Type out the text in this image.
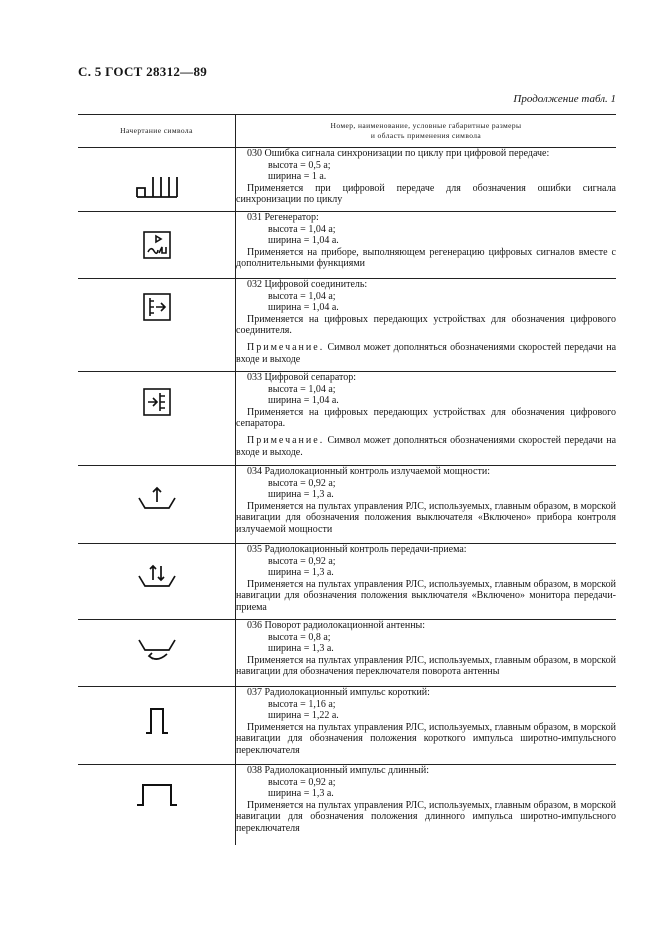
С. 5 ГОСТ 28312—89
Продолжение табл. 1
Начертание символа	Номер, наименование, условные габаритные размеры
и область применения символа

030 Ошибка сигнала синхронизации по циклу при цифровой передаче:
высота = 0,5 а;
ширина = 1 а.
Применяется при цифровой передаче для обозначения ошибки сигнала синхронизации по циклу

031 Регенератор:
высота = 1,04 а;
ширина = 1,04 а.
Применяется на приборе, выполняющем регенерацию цифровых сигналов вместе с дополнительными функциями

032 Цифровой соединитель:
высота = 1,04 а;
ширина = 1,04 а.
Применяется на цифровых передающих устройствах для обозначения цифрового соединителя.
Примечание. Символ может дополняться обозначениями скоростей передачи на входе и выходе

033 Цифровой сепаратор:
высота = 1,04 а;
ширина = 1,04 а.
Применяется на цифровых передающих устройствах для обозначения цифрового сепаратора.
Примечание. Символ может дополняться обозначениями скоростей передачи на входе и выходе.

034 Радиолокационный контроль излучаемой мощности:
высота = 0,92 а;
ширина = 1,3 а.
Применяется на пультах управления РЛС, используемых, главным образом, в морской навигации для обозначения положения выключателя «Включено» прибора контроля излучаемой мощности

035 Радиолокационный контроль передачи-приема:
высота = 0,92 а;
ширина = 1,3 а.
Применяется на пультах управления РЛС, используемых, главным образом, в морской навигации для обозначения положения выключателя «Включено» монитора передачи-приема

036 Поворот радиолокационной антенны:
высота = 0,8 а;
ширина = 1,3 а.
Применяется на пультах управления РЛС, используемых, главным образом, в морской навигации для обозначения переключателя поворота антенны

037 Радиолокационный импульс короткий:
высота = 1,16 а;
ширина = 1,22 а.
Применяется на пультах управления РЛС, используемых, главным образом, в морской навигации для обозначения положения короткого импульса широтно-импульсного переключателя

038 Радиолокационный импульс длинный:
высота = 0,92 а;
ширина = 1,3 а.
Применяется на пультах управления РЛС, используемых, главным образом, в морской навигации для обозначения положения длинного импульса широтно-импульсного переключателя
